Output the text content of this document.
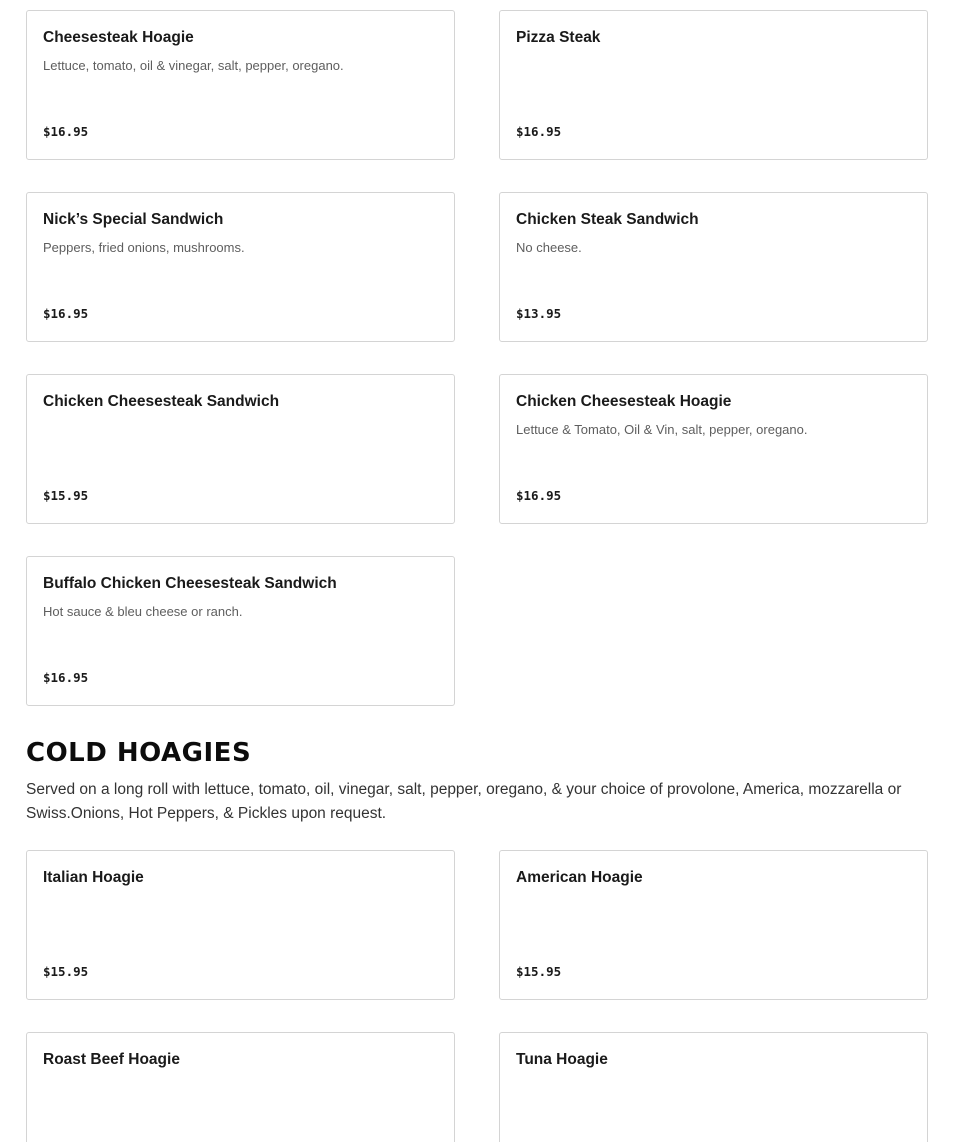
Cheesesteak Hoagie
Lettuce, tomato, oil & vinegar, salt, pepper, oregano.
$16.95
Pizza Steak
$16.95
Nick’s Special Sandwich
Peppers, fried onions, mushrooms.
$16.95
Chicken Steak Sandwich
No cheese.
$13.95
Chicken Cheesesteak Sandwich
$15.95
Chicken Cheesesteak Hoagie
Lettuce & Tomato, Oil & Vin, salt, pepper, oregano.
$16.95
Buffalo Chicken Cheesesteak Sandwich
Hot sauce & bleu cheese or ranch.
$16.95
COLD HOAGIES

Served on a long roll with lettuce, tomato, oil, vinegar, salt, pepper, oregano, & your choice of provolone, America, mozzarella or Swiss.Onions, Hot Peppers, & Pickles upon request.

Italian Hoagie
$15.95
American Hoagie
$15.95
Roast Beef Hoagie	Tuna Hoagie
